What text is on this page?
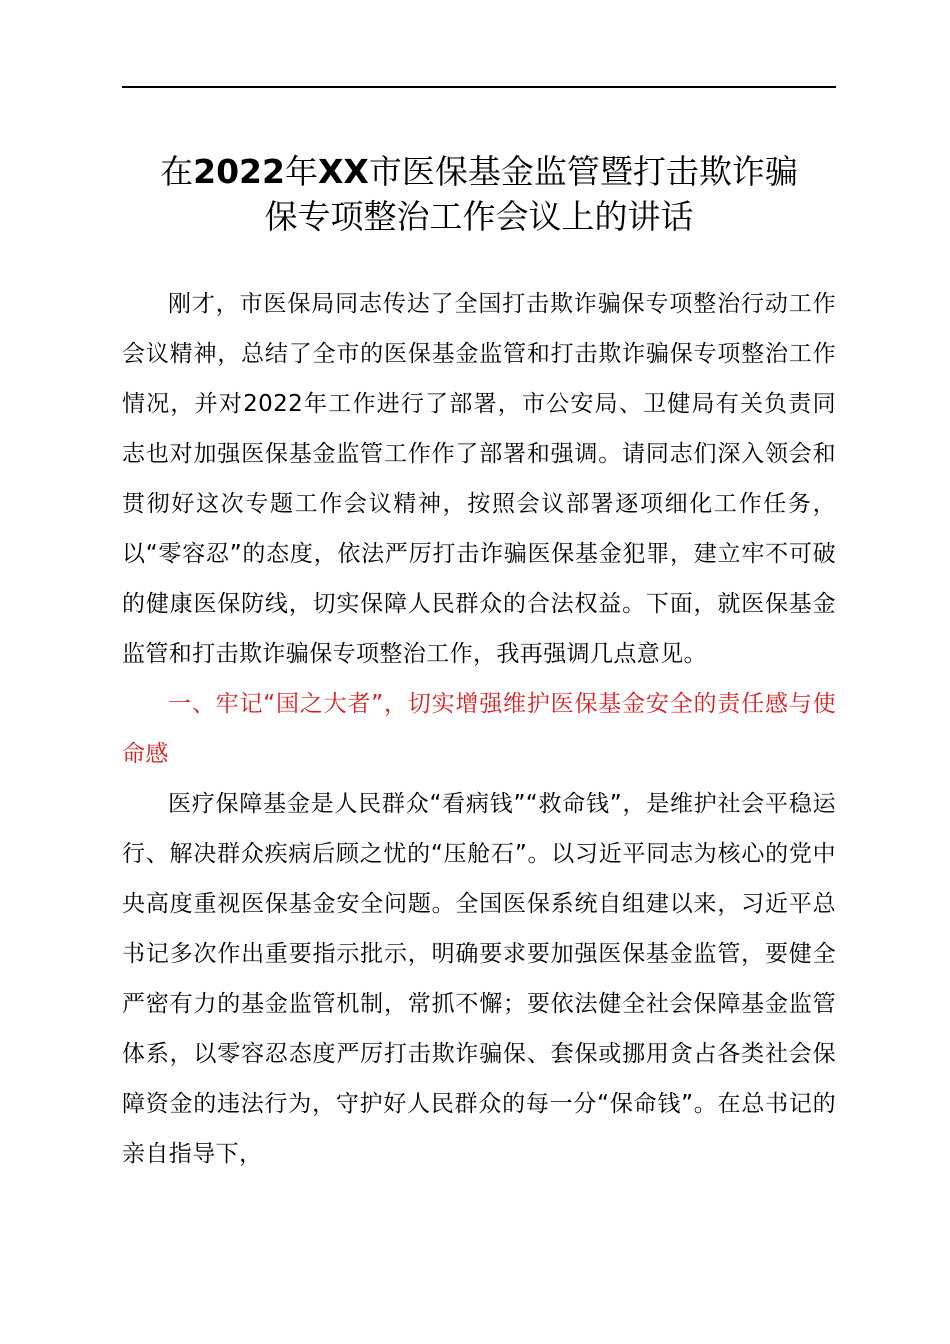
在2022年XX市医保基金监管暨打击欺诈骗
保专项整治工作会议上的讲话

刚才，市医保局同志传达了全国打击欺诈骗保专项整治行动工作会议精神，总结了全市的医保基金监管和打击欺诈骗保专项整治工作情况，并对2022年工作进行了部署，市公安局、卫健局有关负责同志也对加强医保基金监管工作作了部署和强调。请同志们深入领会和贯彻好这次专题工作会议精神，按照会议部署逐项细化工作任务，以“零容忍”的态度，依法严厉打击诈骗医保基金犯罪，建立牢不可破的健康医保防线，切实保障人民群众的合法权益。下面，就医保基金监管和打击欺诈骗保专项整治工作，我再强调几点意见。

一、牢记“国之大者”，切实增强维护医保基金安全的责任感与使命感

医疗保障基金是人民群众“看病钱”“救命钱”，是维护社会平稳运行、解决群众疾病后顾之忧的“压舱石”。以习近平同志为核心的党中央高度重视医保基金安全问题。全国医保系统自组建以来，习近平总书记多次作出重要指示批示，明确要求要加强医保基金监管，要健全严密有力的基金监管机制，常抓不懈；要依法健全社会保障基金监管体系，以零容忍态度严厉打击欺诈骗保、套保或挪用贪占各类社会保障资金的违法行为，守护好人民群众的每一分“保命钱”。在总书记的亲自指导下，
